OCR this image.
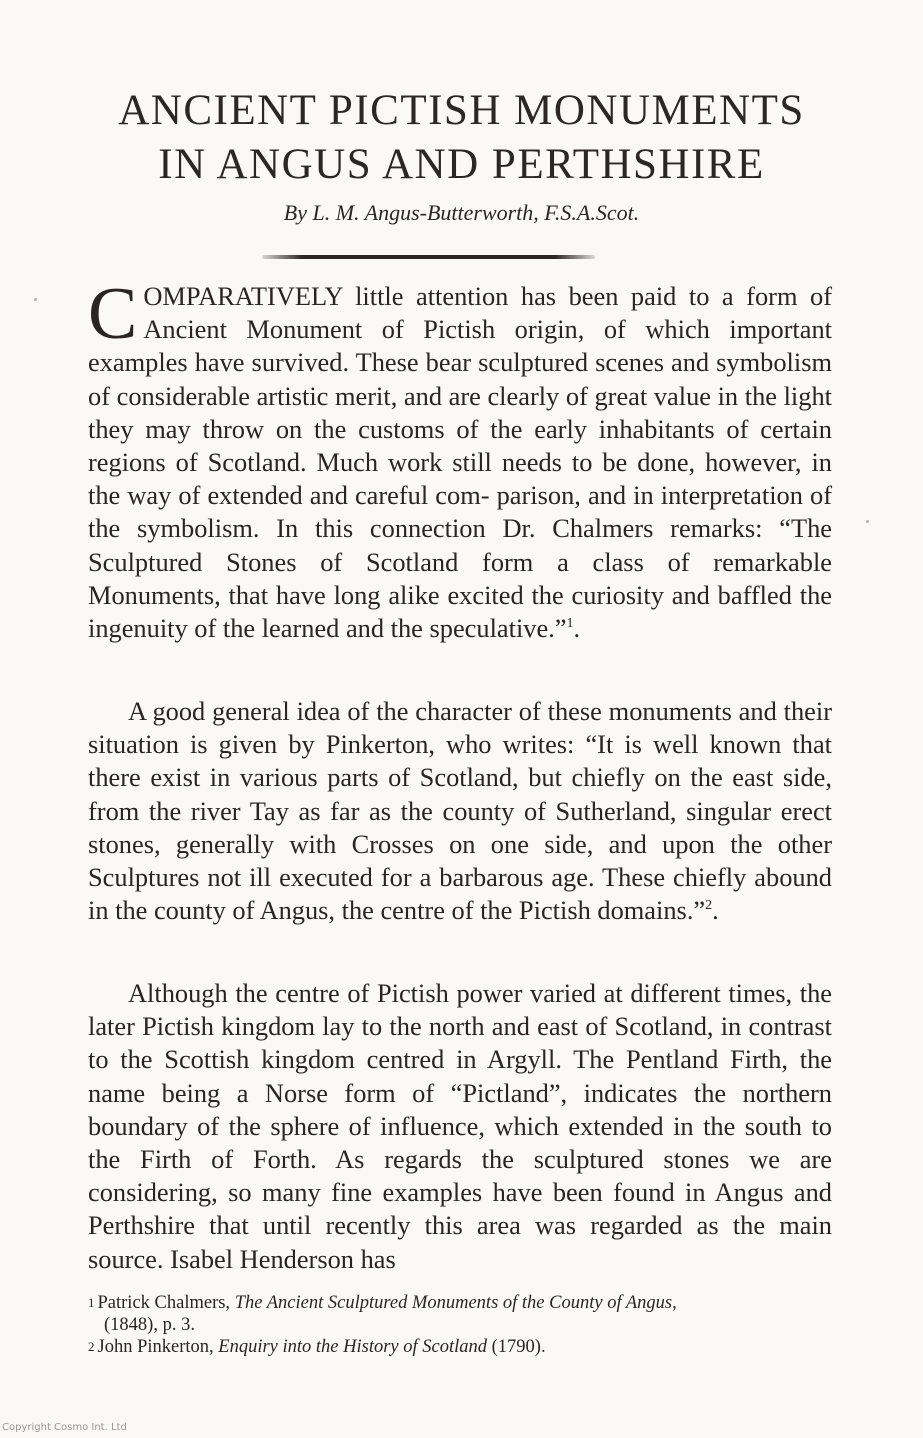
ANCIENT PICTISH MONUMENTS
IN ANGUS AND PERTHSHIRE
By L. M. Angus-Butterworth, F.S.A.Scot.

COMPARATIVELY little attention has been paid to a form of Ancient Monument of Pictish origin, of which important examples have survived. These bear sculptured scenes and symbolism of considerable artistic merit, and are clearly of great value in the light they may throw on the customs of the early inhabitants of certain regions of Scotland. Much work still needs to be done, however, in the way of extended and careful com- parison, and in interpretation of the symbolism. In this connection Dr. Chalmers remarks: “The Sculptured Stones of Scotland form a class of remarkable Monuments, that have long alike excited the curiosity and baffled the ingenuity of the learned and the speculative.”$^1$.

A good general idea of the character of these monuments and their situation is given by Pinkerton, who writes: “It is well known that there exist in various parts of Scotland, but chiefly on the east side, from the river Tay as far as the county of Sutherland, singular erect stones, generally with Crosses on one side, and upon the other Sculptures not ill executed for a barbarous age. These chiefly abound in the county of Angus, the centre of the Pictish domains.”$^2$.

Although the centre of Pictish power varied at different times, the later Pictish kingdom lay to the north and east of Scotland, in contrast to the Scottish kingdom centred in Argyll. The Pentland Firth, the name being a Norse form of “Pictland”, indicates the northern boundary of the sphere of influence, which extended in the south to the Firth of Forth. As regards the sculptured stones we are considering, so many fine examples have been found in Angus and Perthshire that until recently this area was regarded as the main source. Isabel Henderson has

$^1$ Patrick Chalmers, The Ancient Sculptured Monuments of the County of Angus,
(1848), p. 3.

$^2$ John Pinkerton, Enquiry into the History of Scotland (1790).

Copyright Cosmo Int. Ltd
